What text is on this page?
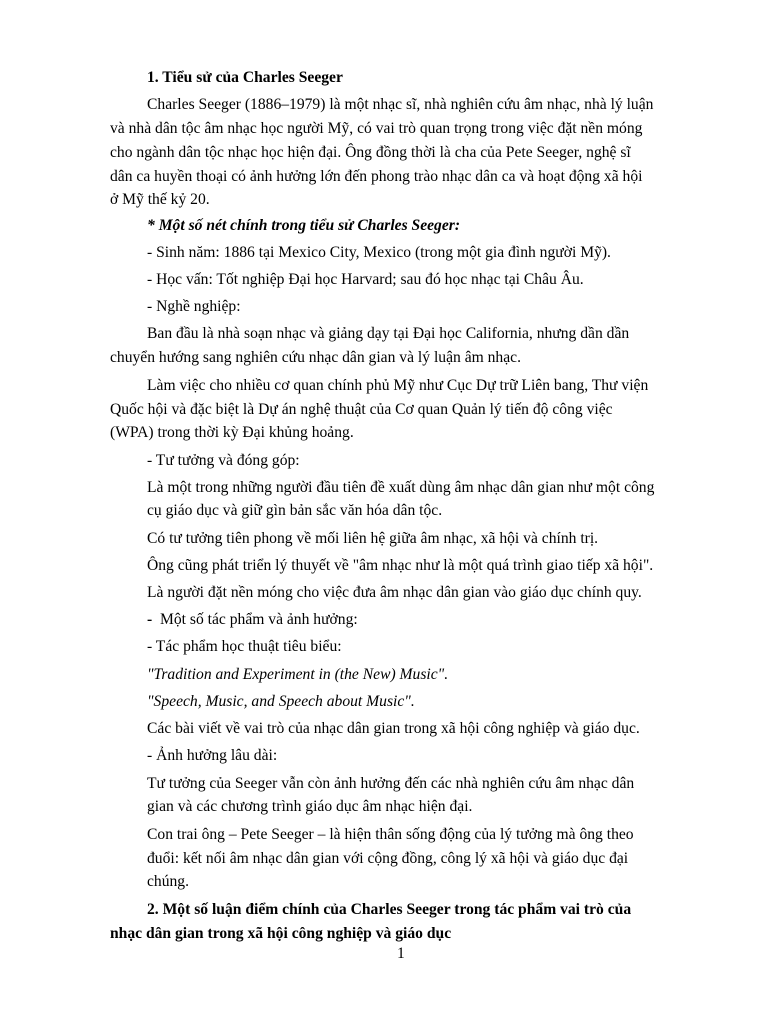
1. Tiểu sử của Charles Seeger
Charles Seeger (1886–1979) là một nhạc sĩ, nhà nghiên cứu âm nhạc, nhà lý luận
và nhà dân tộc âm nhạc học người Mỹ, có vai trò quan trọng trong việc đặt nền móng
cho ngành dân tộc nhạc học hiện đại. Ông đồng thời là cha của Pete Seeger, nghệ sĩ
dân ca huyền thoại có ảnh hưởng lớn đến phong trào nhạc dân ca và hoạt động xã hội
ở Mỹ thế kỷ 20.
* Một số nét chính trong tiểu sử Charles Seeger:
- Sinh năm: 1886 tại Mexico City, Mexico (trong một gia đình người Mỹ).
- Học vấn: Tốt nghiệp Đại học Harvard; sau đó học nhạc tại Châu Âu.
- Nghề nghiệp:
Ban đầu là nhà soạn nhạc và giảng dạy tại Đại học California, nhưng dần dần
chuyển hướng sang nghiên cứu nhạc dân gian và lý luận âm nhạc.
Làm việc cho nhiều cơ quan chính phủ Mỹ như Cục Dự trữ Liên bang, Thư viện
Quốc hội và đặc biệt là Dự án nghệ thuật của Cơ quan Quản lý tiến độ công việc
(WPA) trong thời kỳ Đại khủng hoảng.
- Tư tưởng và đóng góp:
Là một trong những người đầu tiên đề xuất dùng âm nhạc dân gian như một công
cụ giáo dục và giữ gìn bản sắc văn hóa dân tộc.
Có tư tưởng tiên phong về mối liên hệ giữa âm nhạc, xã hội và chính trị.
Ông cũng phát triển lý thuyết về "âm nhạc như là một quá trình giao tiếp xã hội".
Là người đặt nền móng cho việc đưa âm nhạc dân gian vào giáo dục chính quy.
- Một số tác phẩm và ảnh hưởng:
- Tác phẩm học thuật tiêu biểu:
"Tradition and Experiment in (the New) Music".
"Speech, Music, and Speech about Music".
Các bài viết về vai trò của nhạc dân gian trong xã hội công nghiệp và giáo dục.
- Ảnh hưởng lâu dài:
Tư tưởng của Seeger vẫn còn ảnh hưởng đến các nhà nghiên cứu âm nhạc dân
gian và các chương trình giáo dục âm nhạc hiện đại.
Con trai ông – Pete Seeger – là hiện thân sống động của lý tưởng mà ông theo
đuổi: kết nối âm nhạc dân gian với cộng đồng, công lý xã hội và giáo dục đại
chúng.
2. Một số luận điểm chính của Charles Seeger trong tác phẩm vai trò của
nhạc dân gian trong xã hội công nghiệp và giáo dục
1
